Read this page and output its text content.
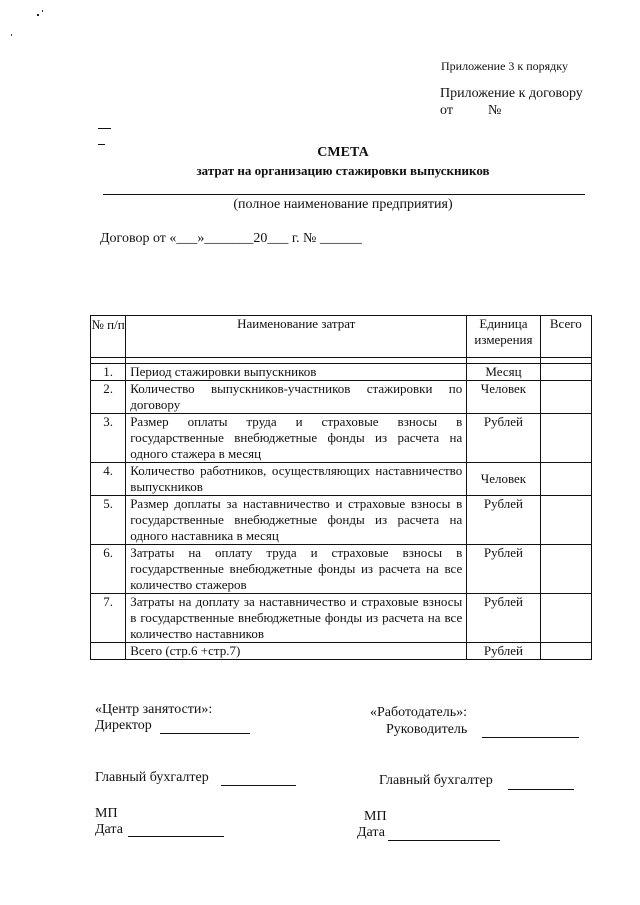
Приложение 3 к порядку
Приложение к договору
от	№
СМЕТА
затрат на организацию стажировки выпускников
(полное наименование предприятия)
Договор от «___»_______20___ г. № ______
№ п/п	Наименование затрат	Единица измерения	Всего

1.	Период стажировки выпускников	Месяц	
2.	Количество выпускников-участников стажировки по договору	Человек	
3.	Размер оплаты труда и страховые взносы в государственные внебюджетные фонды из расчета на одного стажера в месяц	Рублей	
4.	Количество работников, осуществляющих наставничество выпускников	Человек	
5.	Размер доплаты за наставничество и страховые взносы в государственные внебюджетные фонды из расчета на одного наставника в месяц	Рублей	
6.	Затраты на оплату труда и страховые взносы в государственные внебюджетные фонды из расчета на все количество стажеров	Рублей	
7.	Затраты на доплату за наставничество и страховые взносы в государственные внебюджетные фонды из расчета на все количество наставников	Рублей	
	Всего (стр.6 +стр.7)	Рублей	
«Центр занятости»:
Директор
Главный бухгалтер
МП
Дата
«Работодатель»:
Руководитель
Главный бухгалтер
МП
Дата
